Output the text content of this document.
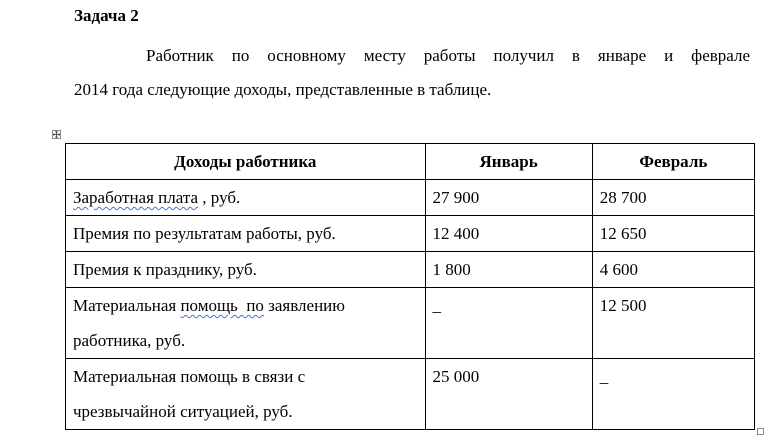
Задача 2
Работник по основному месту работы получил в январе и феврале
2014 года следующие доходы, представленные в таблице.
Доходы работника	Январь	Февраль
Заработная плата , руб.	27 900	28 700
Премия по результатам работы, руб.	12 400	12 650
Премия к празднику, руб.	1 800	4 600
Материальная помощь  по заявлению
работника, руб.	_	12 500
Материальная помощь в связи с
чрезвычайной ситуацией, руб.	25 000	_
